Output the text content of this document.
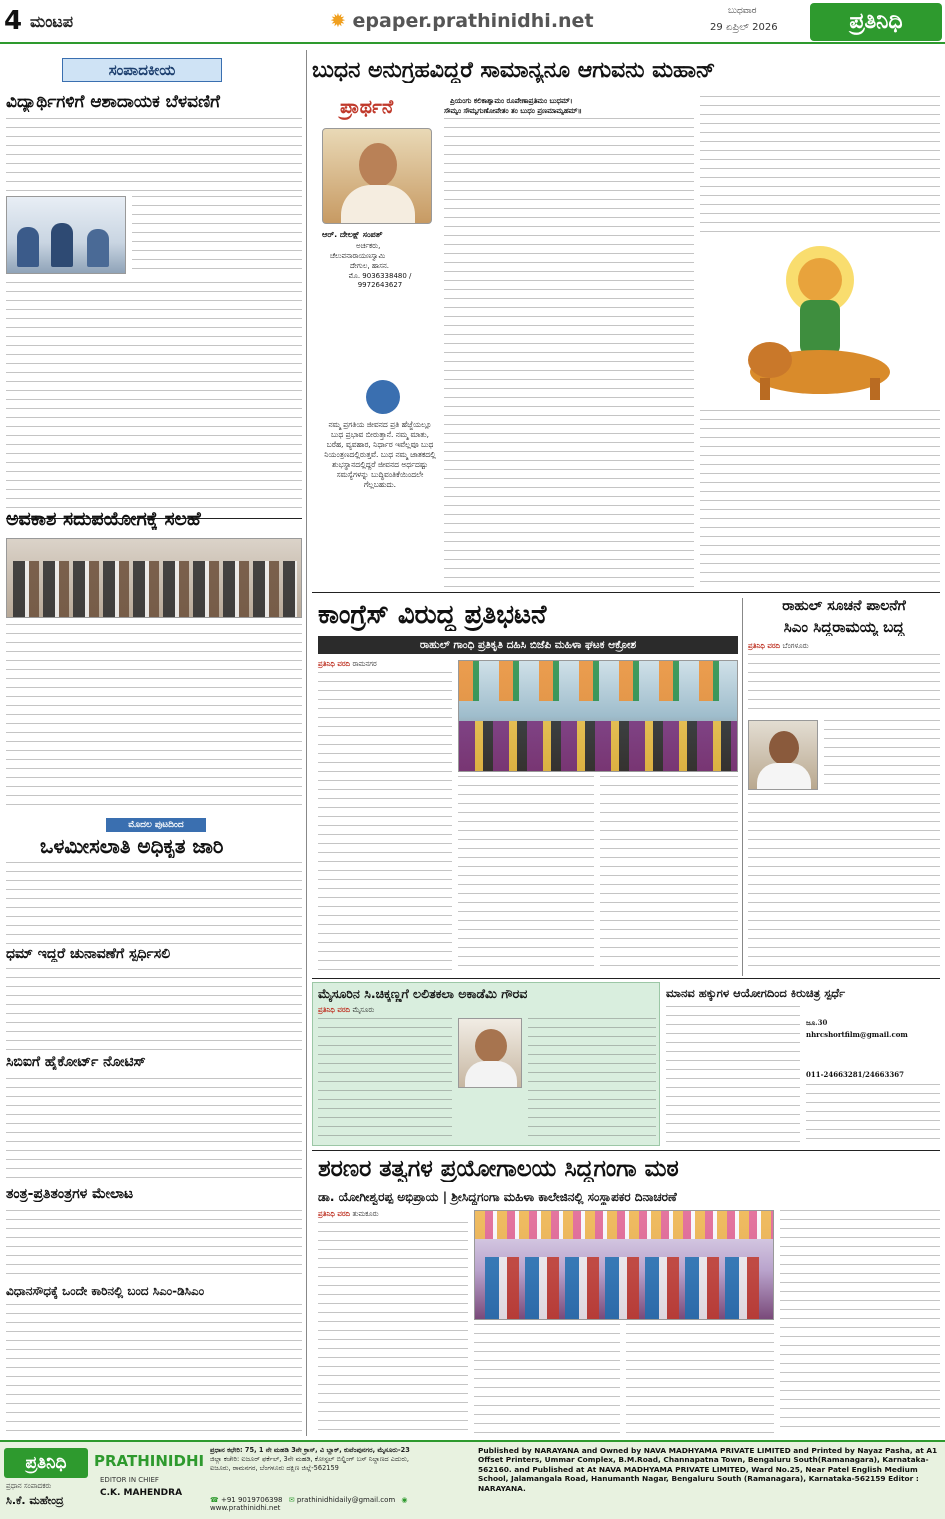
4 ಮಂಟಪ	✹ epaper.prathinidhi.net	ಬುಧವಾರ
29 ಏಪ್ರಿಲ್ 2026	ಪ್ರತಿನಿಧಿ
ಸಂಪಾದಕೀಯ
ವಿದ್ಯಾರ್ಥಿಗಳಿಗೆ ಆಶಾದಾಯಕ ಬೆಳವಣಿಗೆ
ಅವಕಾಶ ಸದುಪಯೋಗಕ್ಕೆ ಸಲಹೆ
ಮೊದಲ ಪುಟದಿಂದ
ಒಳಮೀಸಲಾತಿ ಅಧಿಕೃತ ಜಾರಿ
ಧಮ್ ಇದ್ದರೆ ಚುನಾವಣೆಗೆ ಸ್ಪರ್ಧಿಸಲಿ
ಸಿಬಿಐಗೆ ಹೈಕೋರ್ಟ್ ನೋಟಿಸ್
ತಂತ್ರ-ಪ್ರತಿತಂತ್ರಗಳ ಮೇಲಾಟ
ವಿಧಾನಸೌಧಕ್ಕೆ ಒಂದೇ ಕಾರಿನಲ್ಲಿ ಬಂದ ಸಿಎಂ-ಡಿಸಿಎಂ
ಬುಧನ ಅನುಗ್ರಹವಿದ್ದರೆ ಸಾಮಾನ್ಯನೂ ಆಗುವನು ಮಹಾನ್
ಪ್ರಾರ್ಥನೆ	ಪ್ರಿಯಂಗು ಕಲಿಕಾಶ್ಯಾಮಂ ರೂಪೇಣಾಪ್ರತಿಮಂ ಬುಧಮ್।
ಸೌಮ್ಯಂ ಸೌಮ್ಯಗುಣೋಪೇತಂ ತಂ ಬುಧಂ ಪ್ರಣಮಾಮ್ಯಹಮ್॥
ಆರ್. ದೇಲಕ್ಷ್ ಸಂಪತ್
ಅರ್ಚಕರು,
ಚೆಲುವನಾರಾಯಣಸ್ವಾಮಿ
ದೇಗುಲ, ಹಾಸನ.
ಮೊ. 9036338480 / 9972643627
ನಮ್ಮ ಪ್ರಗತಿಯ ಜೀವನದ ಪ್ರತಿ ಹೆಜ್ಜೆಯಲ್ಲೂ ಬುಧ ಪ್ರಭಾವ ಬೀರುತ್ತಾನೆ. ನಮ್ಮ ಮಾತು, ಬರೆಹ, ವ್ಯವಹಾರ, ನಿರ್ಧಾರ ಇವೆಲ್ಲವೂ ಬುಧ ನಿಯಂತ್ರಣದಲ್ಲಿರುತ್ತವೆ. ಬುಧ ನಮ್ಮ ಜಾತಕದಲ್ಲಿ ಶುಭಸ್ಥಾನದಲ್ಲಿದ್ದರೆ ಜೀವನದ ಅರ್ಧದಷ್ಟು ಸಮಸ್ಯೆಗಳನ್ನು ಬುದ್ಧಿವಂತಿಕೆಯಿಂದಲೇ ಗೆಲ್ಲಬಹುದು.
ಕಾಂಗ್ರೆಸ್ ವಿರುದ್ಧ ಪ್ರತಿಭಟನೆ
ರಾಹುಲ್ ಗಾಂಧಿ ಪ್ರತಿಕೃತಿ ದಹಿಸಿ ಬಿಜೆಪಿ ಮಹಿಳಾ ಘಟಕ ಆಕ್ರೋಶ
ಪ್ರತಿನಿಧಿ ವರದಿ ರಾಮನಗರ
ರಾಹುಲ್ ಸೂಚನೆ ಪಾಲನೆಗೆ
ಸಿಎಂ ಸಿದ್ದರಾಮಯ್ಯ ಬದ್ಧ
ಪ್ರತಿನಿಧಿ ವರದಿ ಬೆಂಗಳೂರು
ಮೈಸೂರಿನ ಸಿ.ಚಿಕ್ಕಣ್ಣಗೆ ಲಲಿತಕಲಾ ಅಕಾಡೆಮಿ ಗೌರವ
ಪ್ರತಿನಿಧಿ ವರದಿ ಮೈಸೂರು
ಮಾನವ ಹಕ್ಕುಗಳ ಆಯೋಗದಿಂದ ಕಿರುಚಿತ್ರ ಸ್ಪರ್ಧೆ
ಜೂ.30
nhrcshortfilm@gmail.com
011-24663281/24663367
ಶರಣರ ತತ್ವಗಳ ಪ್ರಯೋಗಾಲಯ ಸಿದ್ದಗಂಗಾ ಮಠ
ಡಾ. ಯೋಗೀಶ್ವರಪ್ಪ ಅಭಿಪ್ರಾಯ | ಶ್ರೀಸಿದ್ದಗಂಗಾ ಮಹಿಳಾ ಕಾಲೇಜಿನಲ್ಲಿ ಸಂಸ್ಥಾಪಕರ ದಿನಾಚರಣೆ
ಪ್ರತಿನಿಧಿ ವರದಿ ತುಮಕೂರು
ಪ್ರತಿನಿಧಿ	PRATHINIDHI
ಪ್ರಧಾನ ಸಂಪಾದಕರು
ಸಿ.ಕೆ. ಮಹೇಂದ್ರ
EDITOR IN CHIEF
C.K. MAHENDRA
ಪ್ರಧಾನ ಕಛೇರಿ: 75, 1 ನೇ ಮಹಡಿ 3ನೇ ಕ್ರಾಸ್, ವಿ ಬ್ಲಾಕ್, ಕುವೆಂಪುನಗರ, ಮೈಸೂರು-23
ಜಿಲ್ಲಾ ಕಚೇರಿ: ಐಜೂರ್ ಫರ್ಕೆಲ್, 3ನೇ ಮಹಡಿ, ಕೋಸ್ಟಲ್ ಬಿಲ್ಡಿಂಗ್ ಬಸ್ ನಿಲ್ದಾಣದ ಎದುರು,
ಐಜೂರು, ರಾಮನಗರ, ಬೆಂಗಳೂರು ದಕ್ಷಿಣ ಜಿಲ್ಲೆ-562159
☎ +91 9019706398 ✉ prathinidhidaily@gmail.com ◉ www.prathinidhi.net
Published by NARAYANA and Owned by NAVA MADHYAMA PRIVATE LIMITED and Printed by Nayaz Pasha, at A1 Offset Printers, Ummar Complex, B.M.Road, Channapatna Town, Bengaluru South(Ramanagara), Karnataka-562160. and Published at At NAVA MADHYAMA PRIVATE LIMITED, Ward No.25, Near Patel English Medium School, Jalamangala Road, Hanumanth Nagar, Bengaluru South (Ramanagara), Karnataka-562159 Editor : NARAYANA.
